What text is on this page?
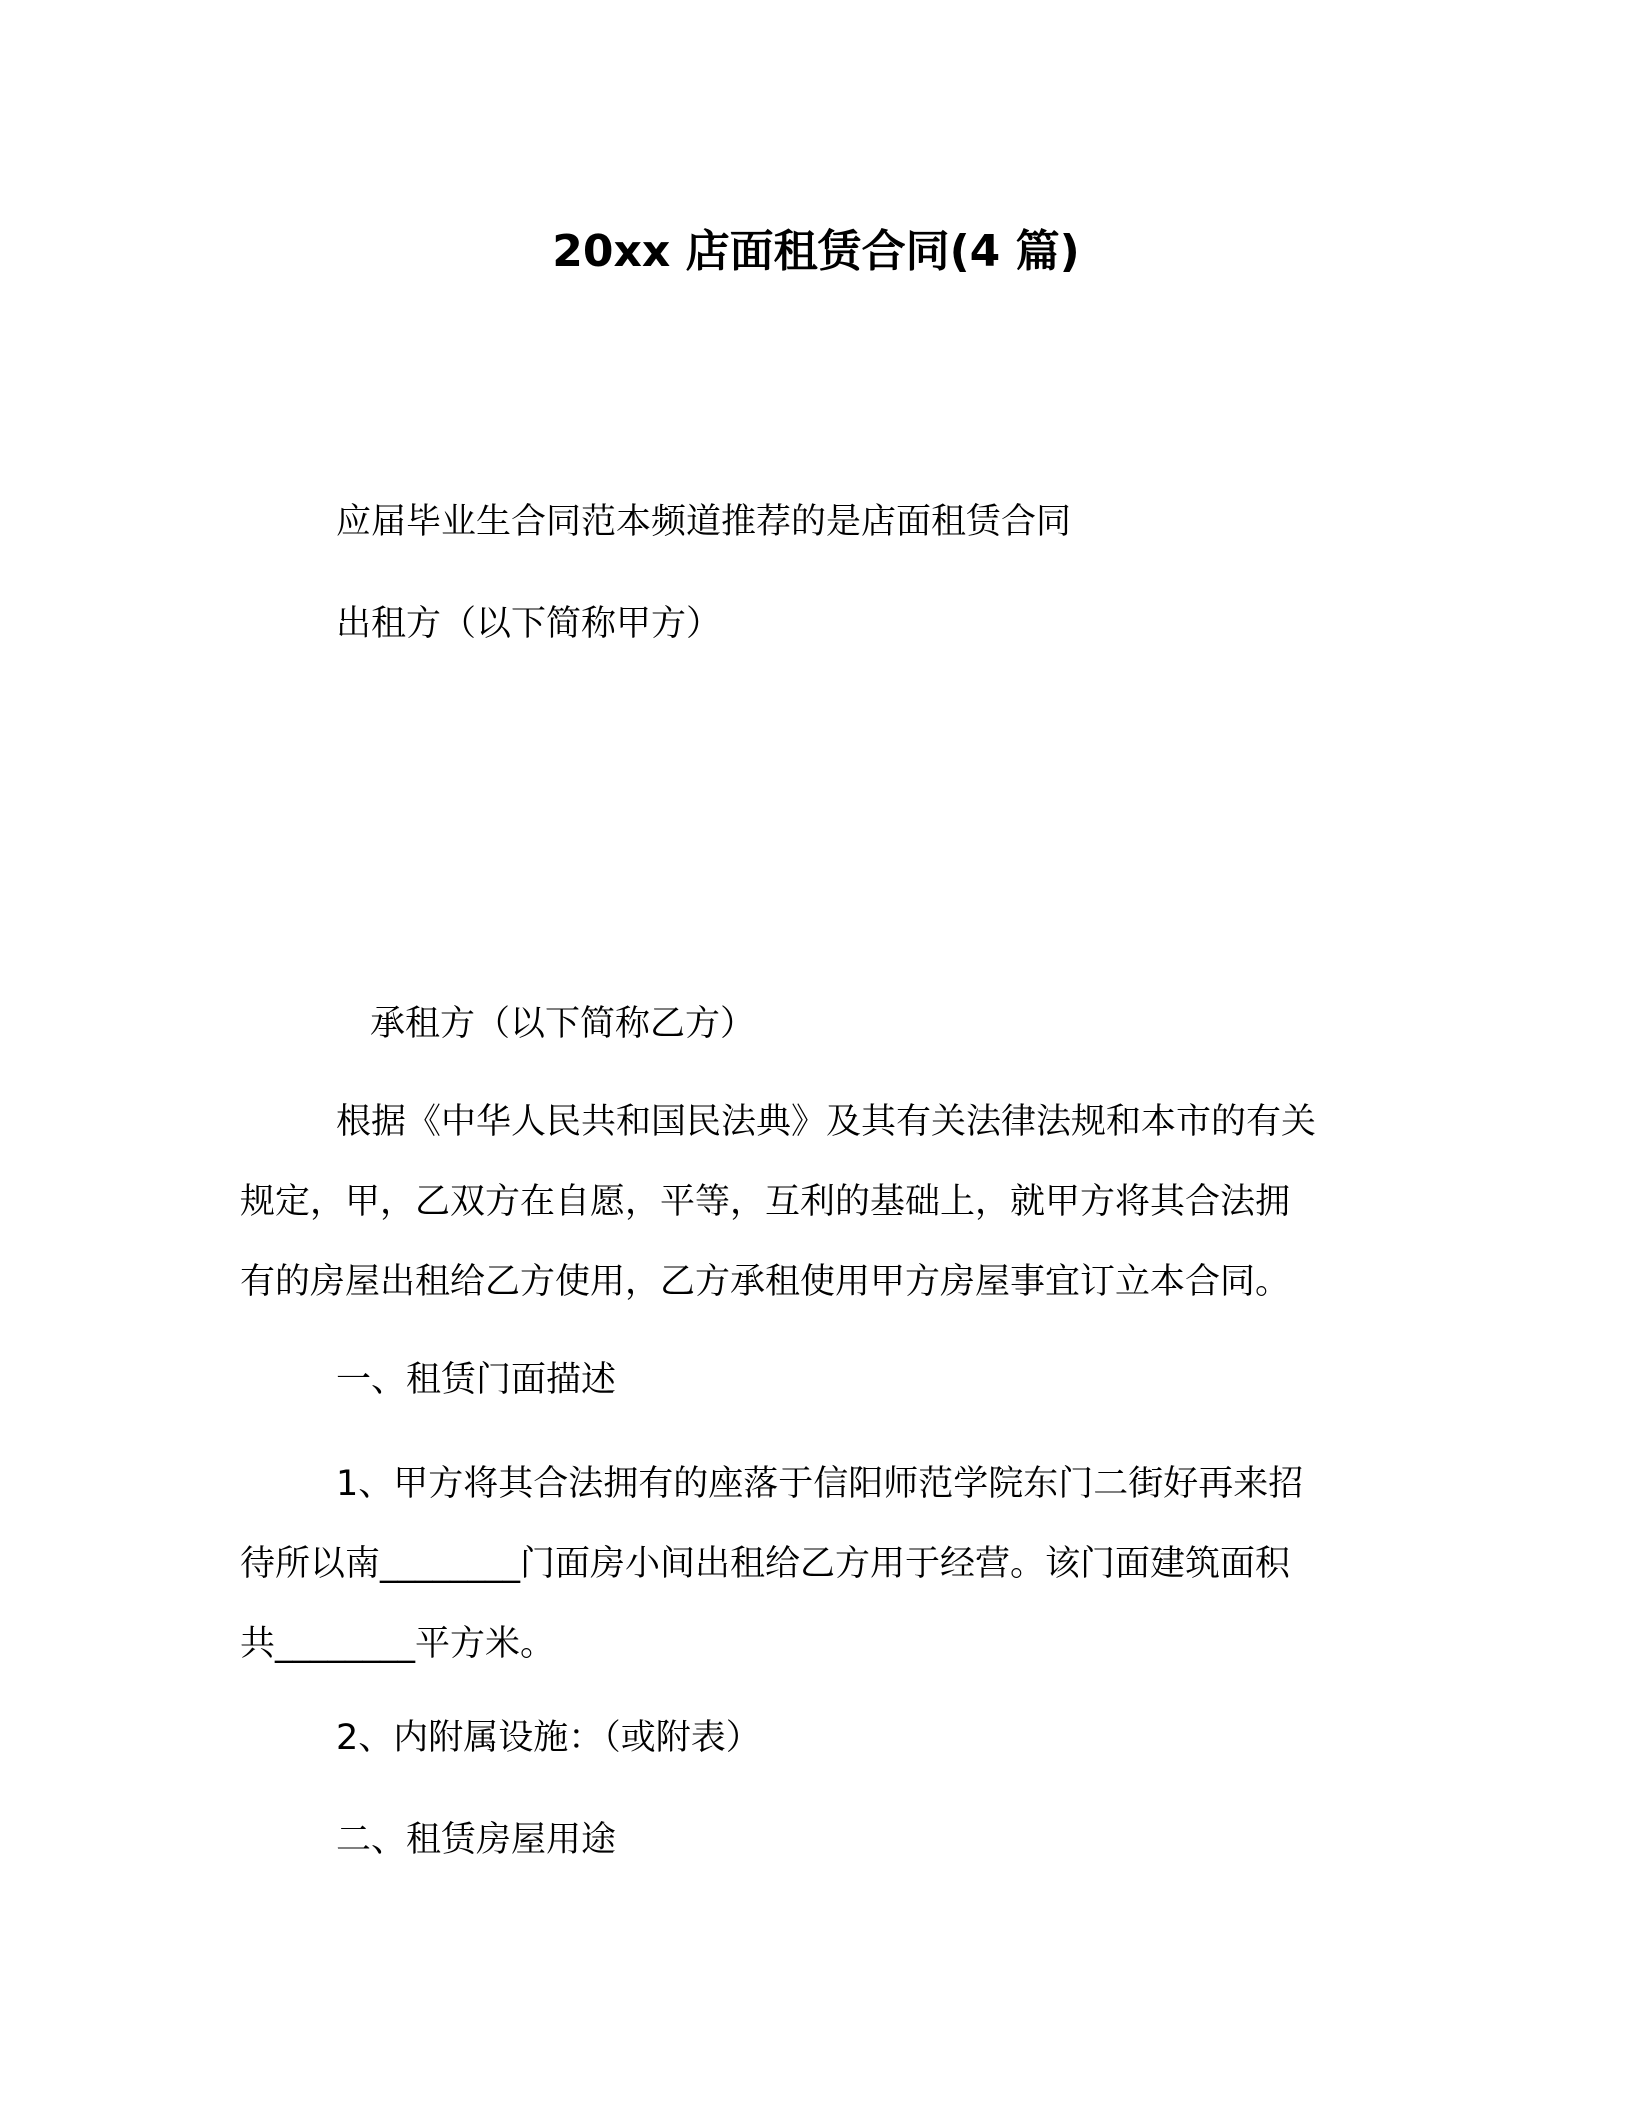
20xx 店面租赁合同(4 篇)

应届毕业生合同范本频道推荐的是店面租赁合同

出租方（以下简称甲方）

承租方（以下简称乙方）

根据《中华人民共和国民法典》及其有关法律法规和本市的有关
规定，甲，乙双方在自愿，平等，互利的基础上，就甲方将其合法拥
有的房屋出租给乙方使用，乙方承租使用甲方房屋事宜订立本合同。

一、租赁门面描述

1、甲方将其合法拥有的座落于信阳师范学院东门二街好再来招
待所以南________门面房小间出租给乙方用于经营。该门面建筑面积
共________平方米。

2、内附属设施：（或附表）

二、租赁房屋用途
